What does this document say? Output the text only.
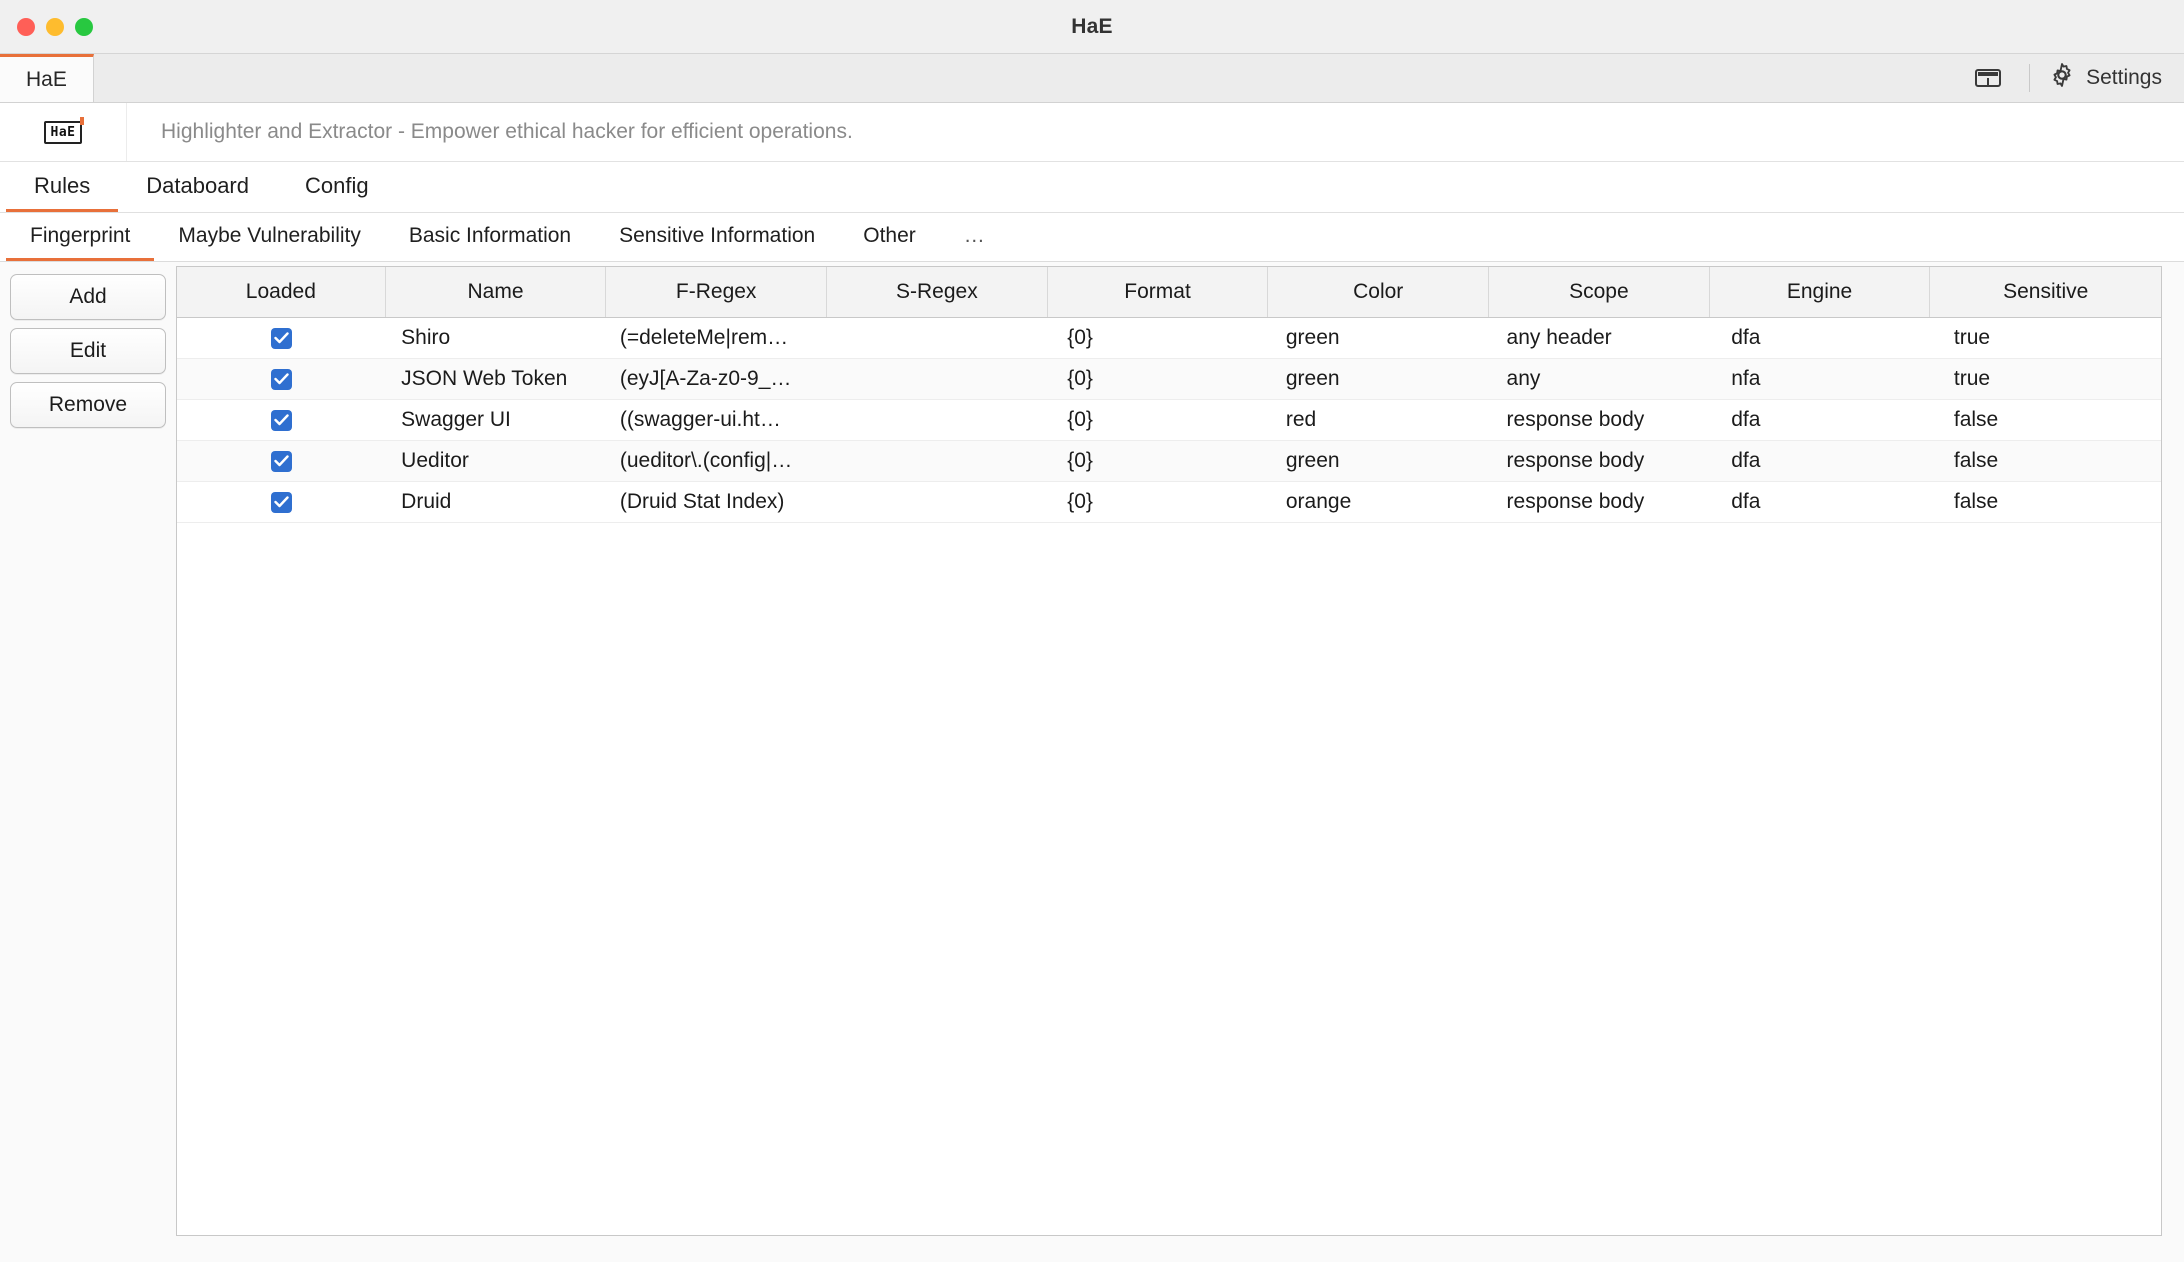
HaE
HaE	Settings
HaE	Highlighter and Extractor - Empower ethical hacker for efficient operations.
Rules	Databoard	Config
Fingerprint	Maybe Vulnerability	Basic Information	Sensitive Information	Other	…
Add
Edit
Remove
Loaded	Name	F-Regex	S-Regex	Format	Color	Scope	Engine	Sensitive

	Shiro	(=deleteMe|rem…		{0}	green	any header	dfa	true

	JSON Web Token	(eyJ[A-Za-z0-9_…		{0}	green	any	nfa	true

	Swagger UI	((swagger-ui.ht…		{0}	red	response body	dfa	false

	Ueditor	(ueditor\.(config|…		{0}	green	response body	dfa	false

	Druid	(Druid Stat Index)		{0}	orange	response body	dfa	false
